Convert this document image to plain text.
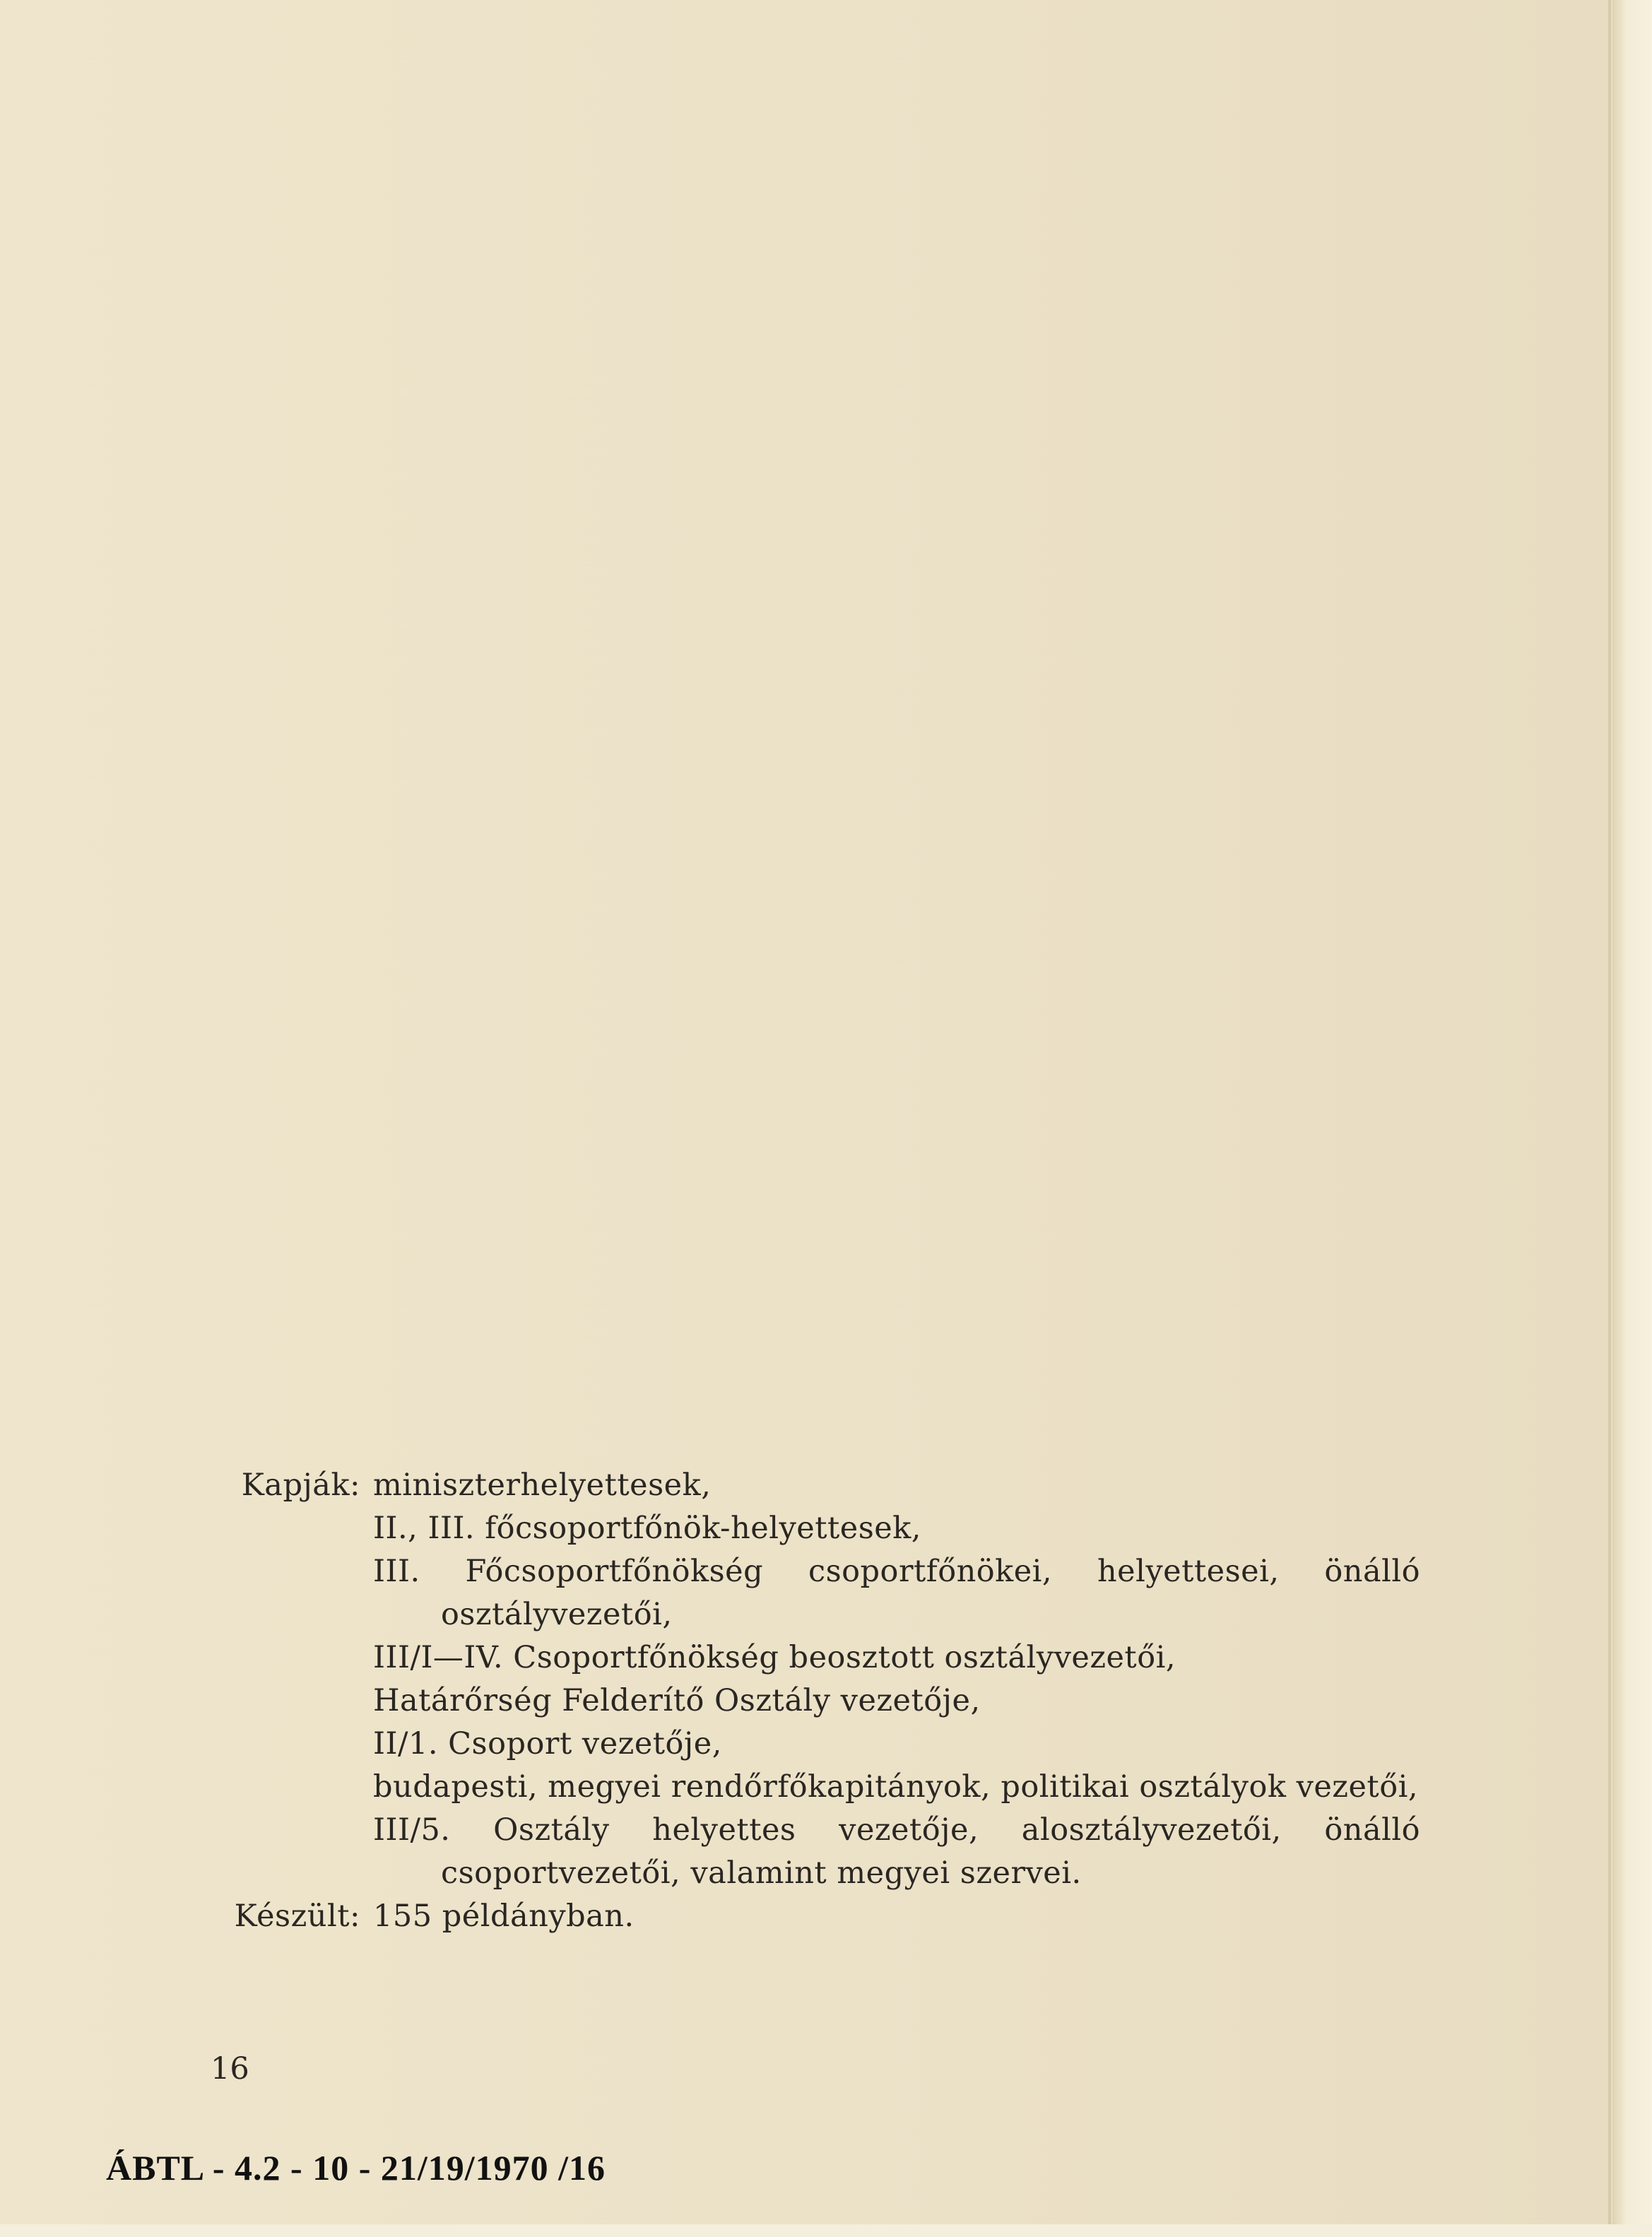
Kapják: miniszterhelyettesek,

II., III. főcsoportfőnök-helyettesek,

III. Főcsoportfőnökség csoportfőnökei, helyettesei, önálló osztályvezetői,

III/I—IV. Csoportfőnökség beosztott osztályvezetői,

Határőrség Felderítő Osztály vezetője,

II/1. Csoport vezetője,

budapesti, megyei rendőrfőkapitányok, politikai osztályok vezetői,

III/5. Osztály helyettes vezetője, alosztályvezetői, önálló csoportvezetői, valamint megyei szervei.

Készült: 155 példányban.
16
ÁBTL - 4.2 - 10 - 21/19/1970 /16
